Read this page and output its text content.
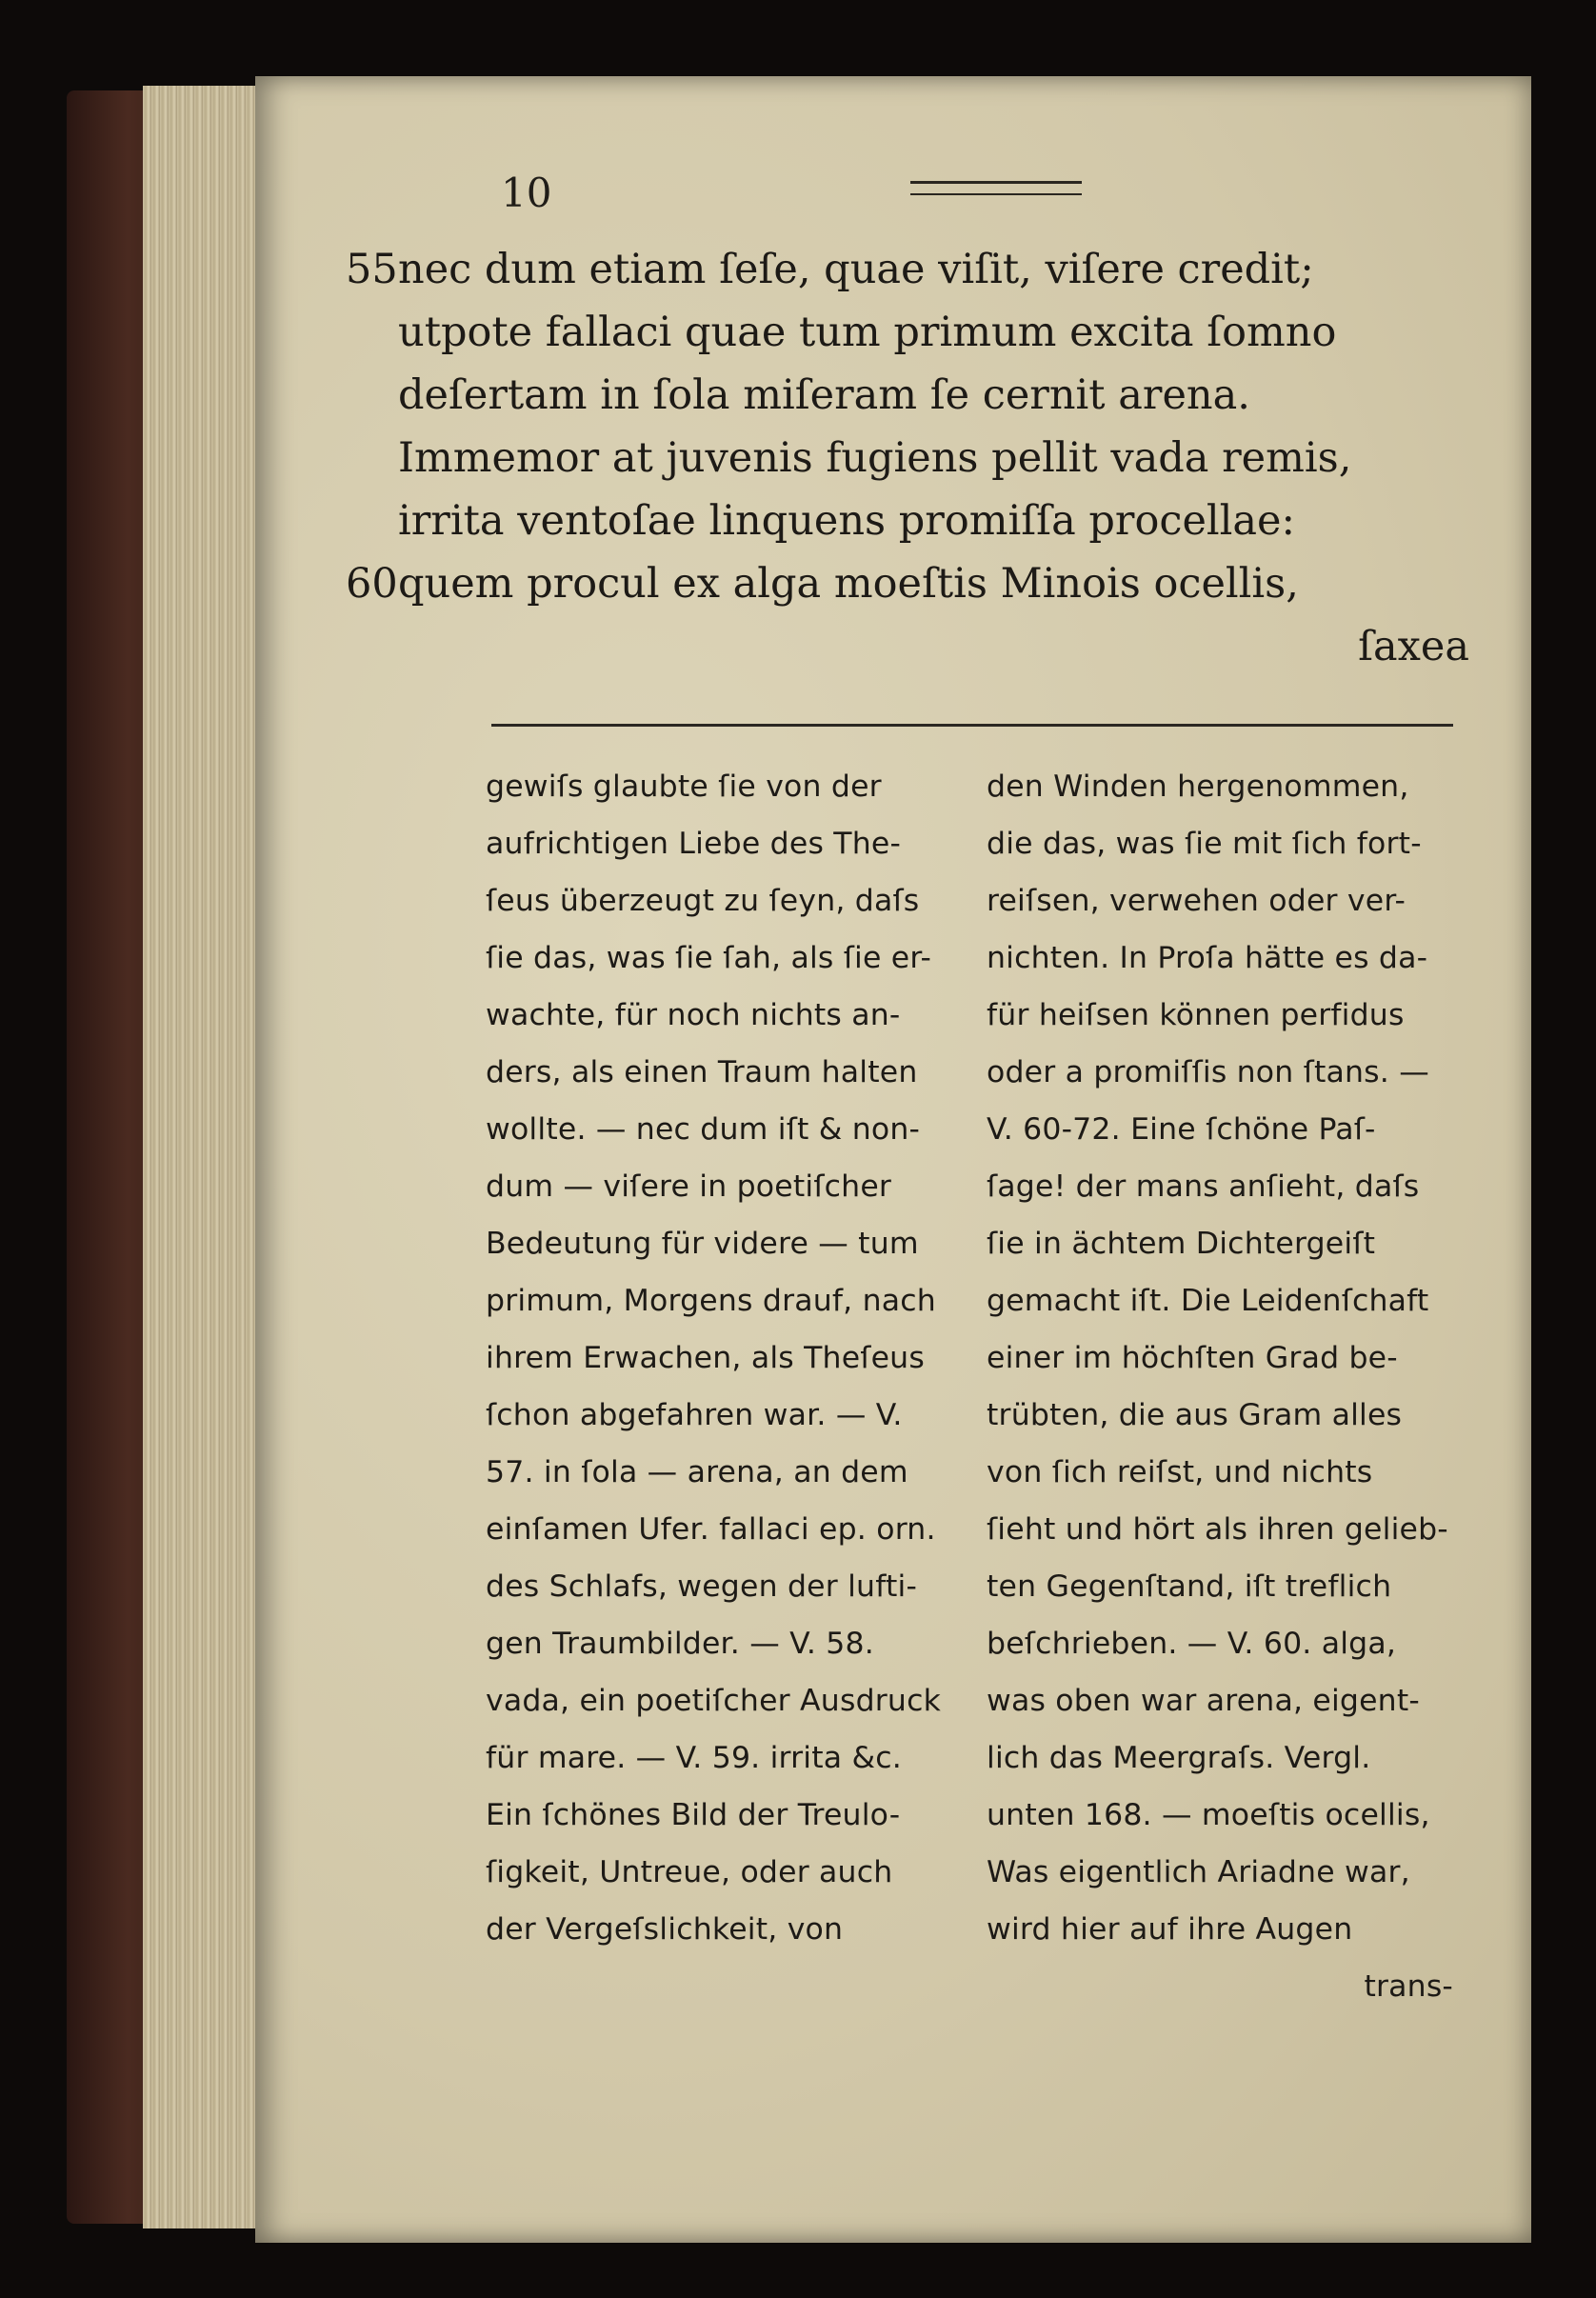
10
55 nec dum etiam ſeſe, quae viſit, viſere credit;
utpote fallaci quae tum primum excita ſomno
deſertam in ſola miſeram ſe cernit arena.
Immemor at juvenis fugiens pellit vada remis,
irrita ventoſae linquens promiſſa procellae:
60 quem procul ex alga moeſtis Minois ocellis,
ſaxea
gewiſs glaubte ſie von der
aufrichtigen Liebe des The-
ſeus überzeugt zu ſeyn, daſs
ſie das, was ſie ſah, als ſie er-
wachte, für noch nichts an-
ders, als einen Traum halten
wollte. — nec dum iſt & non-
dum — viſere in poetiſcher
Bedeutung für videre — tum
primum, Morgens drauf, nach
ihrem Erwachen, als Theſeus
ſchon abgefahren war. — V.
57. in ſola — arena, an dem
einſamen Ufer. fallaci ep. orn.
des Schlafs, wegen der lufti-
gen Traumbilder. — V. 58.
vada, ein poetiſcher Ausdruck
für mare. — V. 59. irrita &c.
Ein ſchönes Bild der Treulo-
ſigkeit, Untreue, oder auch
der Vergeſslichkeit, von
den Winden hergenommen,
die das, was ſie mit ſich fort-
reiſsen, verwehen oder ver-
nichten. In Proſa hätte es da-
für heiſsen können perfidus
oder a promiſſis non ſtans. —
V. 60-72. Eine ſchöne Paſ-
ſage! der mans anſieht, daſs
ſie in ächtem Dichtergeiſt
gemacht iſt. Die Leidenſchaft
einer im höchſten Grad be-
trübten, die aus Gram alles
von ſich reiſst, und nichts
ſieht und hört als ihren gelieb-
ten Gegenſtand, iſt treflich
beſchrieben. — V. 60. alga,
was oben war arena, eigent-
lich das Meergraſs. Vergl.
unten 168. — moeſtis ocellis,
Was eigentlich Ariadne war,
wird hier auf ihre Augen
trans-
